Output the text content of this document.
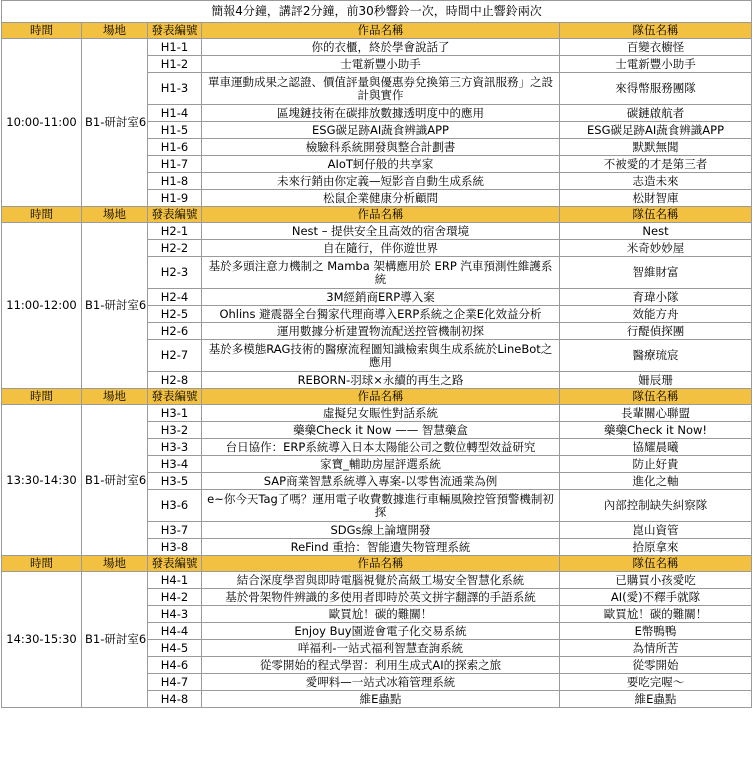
簡報4分鐘，講評2分鐘，前30秒響鈴一次，時間中止響鈴兩次				
時間	場地	發表編號	作品名稱	隊伍名稱
10:00-11:00	B1-研討室6	H1-1	你的衣櫃，終於學會說話了	百變衣櫥怪
		H1-2	士電新豐小助手	士電新豐小助手
		H1-3	單車運動成果之認證、價值評量與優惠券兌換第三方資訊服務」之設計與實作	來得幣服務團隊
		H1-4	區塊鏈技術在碳排放數據透明度中的應用	碳鏈啟航者
		H1-5	ESG碳足跡AI蔬食辨識APP	ESG碳足跡AI蔬食辨識APP
		H1-6	檢驗科系統開發與整合計劃書	默默無聞
		H1-7	AIoT蚵仔般的共享家	不被愛的才是第三者
		H1-8	未來行銷由你定義—短影音自動生成系統	志造未來
		H1-9	松鼠企業健康分析顧問	松財智庫
時間	場地	發表編號	作品名稱	隊伍名稱
11:00-12:00	B1-研討室6	H2-1	Nest – 提供安全且高效的宿舍環境	Nest
		H2-2	自在隨行，伴你遊世界	米奇妙妙屋
		H2-3	基於多頭注意力機制之 Mamba 架構應用於 ERP 汽車預測性維護系統	智維財富
		H2-4	3M經銷商ERP導入案	育瑋小隊
		H2-5	Ohlins 避震器全台獨家代理商導入ERP系統之企業E化效益分析	效能方舟
		H2-6	運用數據分析建置物流配送控管機制初探	行醍偵探團
		H2-7	基於多模態RAG技術的醫療流程圖知識檢索與生成系統於LineBot之應用	醫療琉宸
		H2-8	REBORN-羽球×永續的再生之路	姍辰珊
時間	場地	發表編號	作品名稱	隊伍名稱
13:30-14:30	B1-研討室6	H3-1	虛擬兒女賑性對話系統	長輩關心聯盟
		H3-2	藥藥Check it Now —— 智慧藥盒	藥藥Check it Now!
		H3-3	台日協作：ERP系統導入日本太陽能公司之數位轉型效益研究	協耀晨曦
		H3-4	家寶_輔助房屋評選系統	防止好貴
		H3-5	SAP商業智慧系統導入專案-以零售流通業為例	進化之軸
		H3-6	e~你今天Tag了嗎？運用電子收費數據進行車輛風險控管預警機制初探	內部控制缺失糾察隊
		H3-7	SDGs線上論壇開發	崑山資管
		H3-8	ReFind 重拾：智能遺失物管理系統	拾原拿來
時間	場地	發表編號	作品名稱	隊伍名稱
14:30-15:30	B1-研討室6	H4-1	結合深度學習與即時電腦視覺於高級工場安全智慧化系統	已購買小孩愛吃
		H4-2	基於骨架物件辨識的多使用者即時於英文拼字翻譯的手語系統	AI(愛)不釋手就隊
		H4-3	歐買尬！碳的難關！	歐買尬！碳的難關！
		H4-4	Enjoy Buy園遊會電子化交易系統	E幣鴨鴨
		H4-5	咩福利-一站式福利智慧查詢系統	為情所苦
		H4-6	從零開始的程式學習：利用生成式AI的探索之旅	從零開始
		H4-7	愛呷料—一站式冰箱管理系統	要吃完喔～
		H4-8	維E蟲點	維E蟲點
